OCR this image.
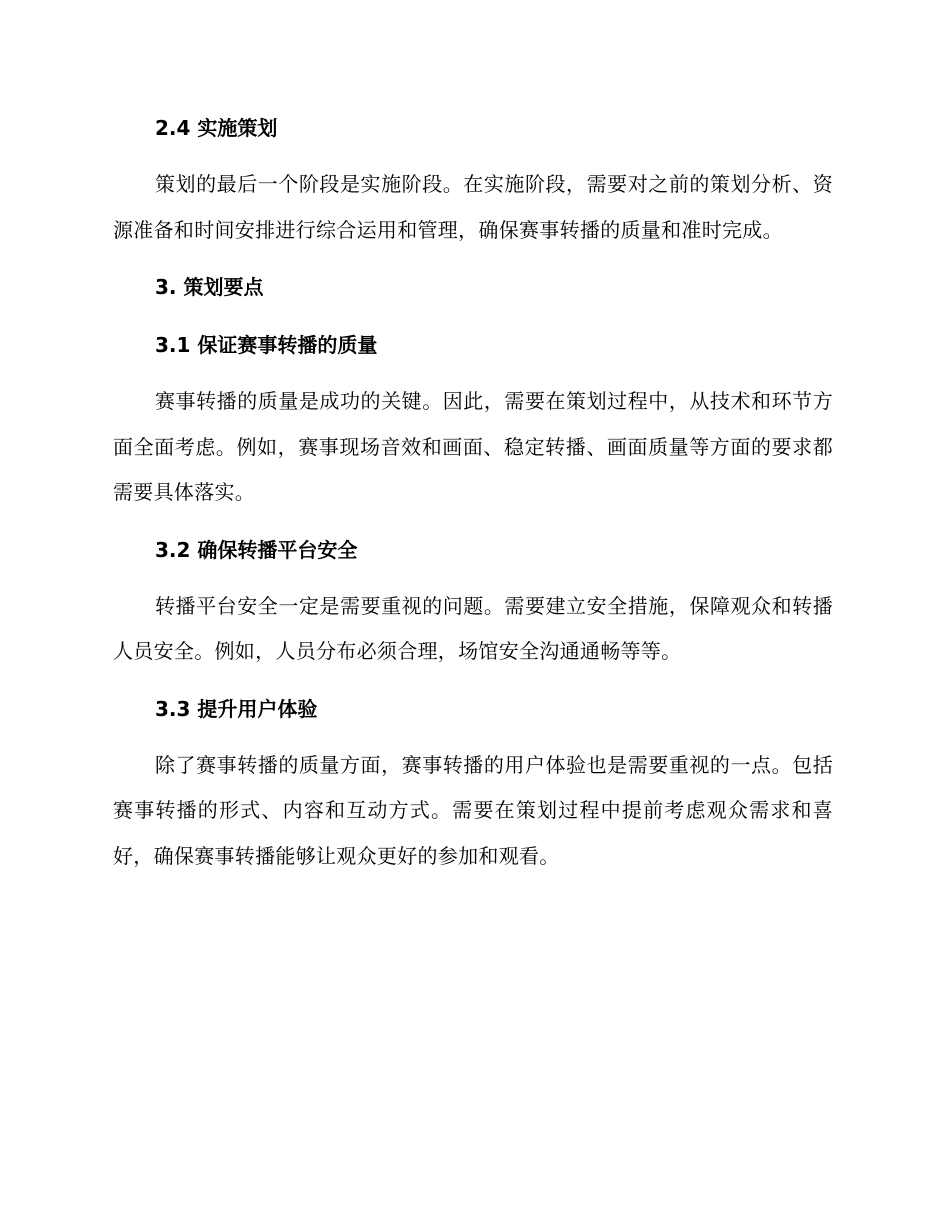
2.4 实施策划

策划的最后一个阶段是实施阶段。在实施阶段，需要对之前的策划分析、资源准备和时间安排进行综合运用和管理，确保赛事转播的质量和准时完成。

3. 策划要点
3.1 保证赛事转播的质量

赛事转播的质量是成功的关键。因此，需要在策划过程中，从技术和环节方面全面考虑。例如，赛事现场音效和画面、稳定转播、画面质量等方面的要求都需要具体落实。

3.2 确保转播平台安全

转播平台安全一定是需要重视的问题。需要建立安全措施，保障观众和转播人员安全。例如，人员分布必须合理，场馆安全沟通通畅等等。

3.3 提升用户体验

除了赛事转播的质量方面，赛事转播的用户体验也是需要重视的一点。包括赛事转播的形式、内容和互动方式。需要在策划过程中提前考虑观众需求和喜好，确保赛事转播能够让观众更好的参加和观看。
